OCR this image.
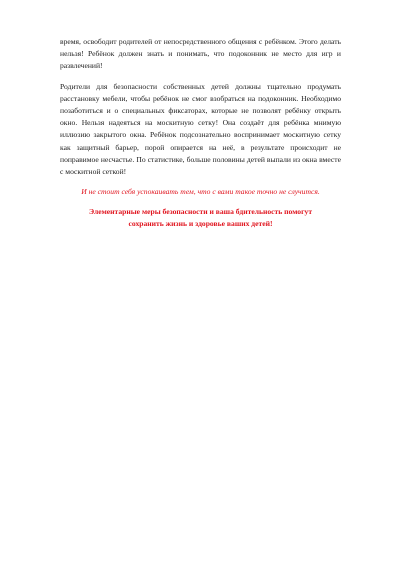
время, освободит родителей от непосредственного общения с ребёнком. Этого делать нельзя! Ребёнок должен знать и понимать, что подоконник не место для игр и развлечений!

Родители для безопасности собственных детей должны тщательно продумать расстановку мебели, чтобы ребёнок не смог взобраться на подоконник. Необходимо позаботиться и о специальных фиксаторах, которые не позволят ребёнку открыть окно. Нельзя надеяться на москитную сетку! Она создаёт для ребёнка мнимую иллюзию закрытого окна. Ребёнок подсознательно воспринимает москитную сетку как защитный барьер, порой опирается на неё, в результате происходит не поправимое несчастье. По статистике, больше половины детей выпали из окна вместе с москитной сеткой!

И не стоит себя успокаивать тем, что с вами такое точно не случится.

Элементарные меры безопасности и ваша бдительность помогут
сохранить жизнь и здоровье ваших детей!
